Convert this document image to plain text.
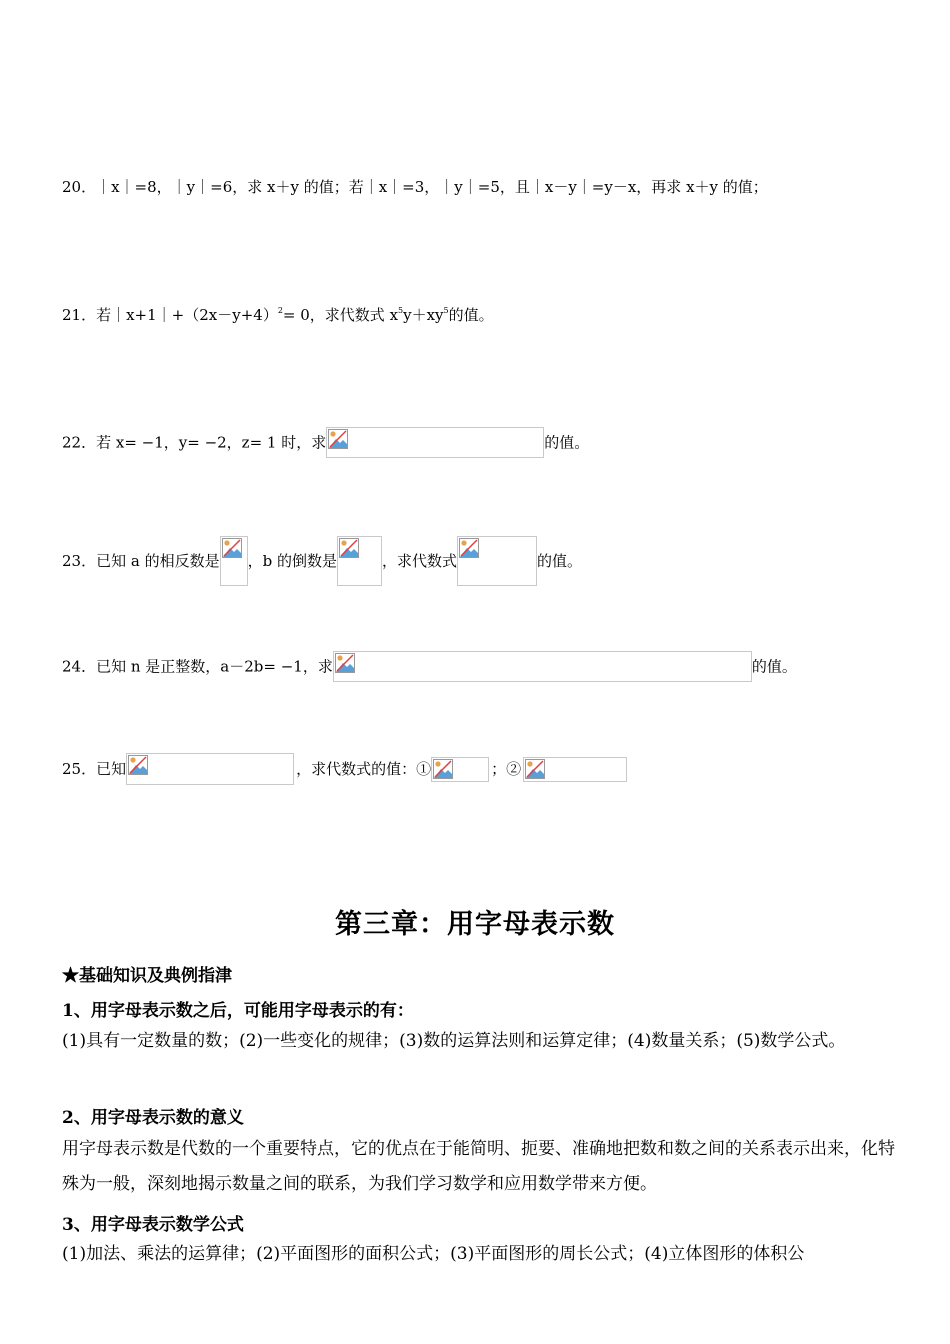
20．｜x｜=8，｜y｜=6，求 x＋y 的值；若｜x｜=3，｜y｜=5，且｜x－y｜=y－x，再求 x＋y 的值；
21．若$|x+1|+(2x-y+4)^2= 0$，求代数式 $x^5y+xy^5$的值。
22．若 x= −1，y= −2，z= 1 时，求	的值。
23．已知 a 的相反数是 ，b 的倒数是	，求代数式	的值。
24．已知 n 是正整数，a－2b= −1，求	的值。
25．已知	，求代数式的值：①	；②
第三章：用字母表示数
★基础知识及典例指津
1、用字母表示数之后，可能用字母表示的有：
(1)具有一定数量的数；(2)一些变化的规律；(3)数的运算法则和运算定律；(4)数量关系；(5)数学公式。
2、用字母表示数的意义
用字母表示数是代数的一个重要特点，它的优点在于能简明、扼要、准确地把数和数之间的关系表示出来，化特殊为一般，深刻地揭示数量之间的联系，为我们学习数学和应用数学带来方便。
3、用字母表示数学公式
(1)加法、乘法的运算律；(2)平面图形的面积公式；(3)平面图形的周长公式；(4)立体图形的体积公
